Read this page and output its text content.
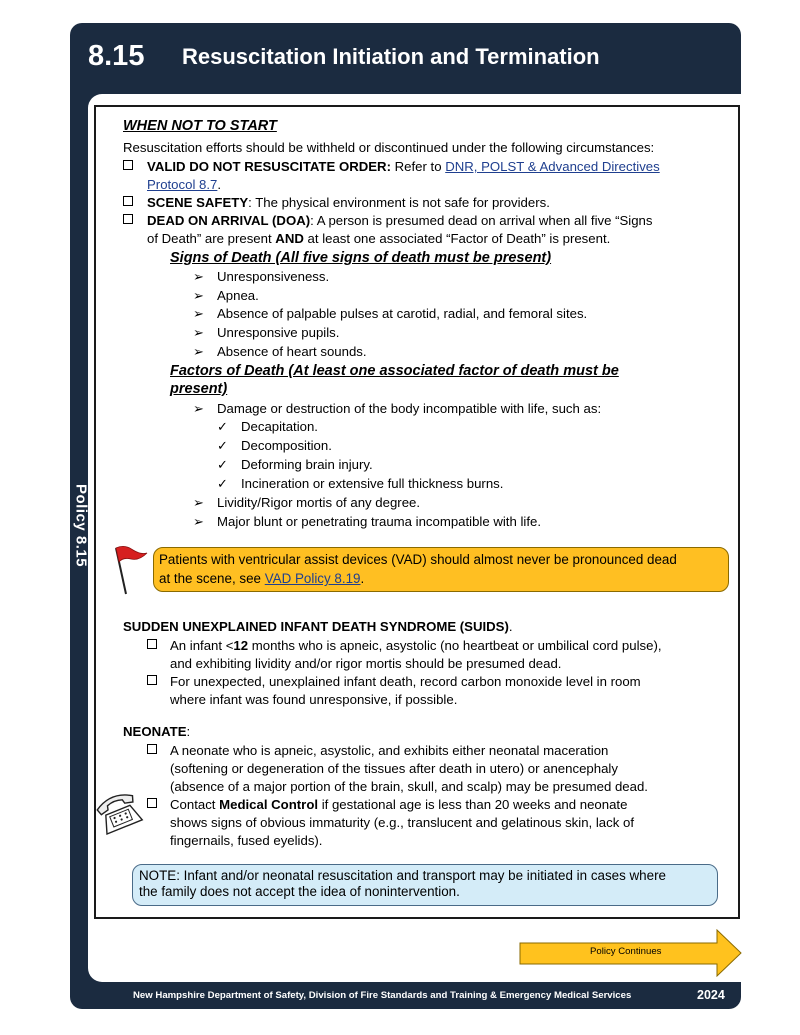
8.15 Resuscitation Initiation and Termination
Policy 8.15
WHEN NOT TO START
Resuscitation efforts should be withheld or discontinued under the following circumstances:
VALID DO NOT RESUSCITATE ORDER: Refer to DNR, POLST & Advanced Directives
Protocol 8.7.
SCENE SAFETY: The physical environment is not safe for providers.
DEAD ON ARRIVAL (DOA): A person is presumed dead on arrival when all five “Signs
of Death” are present AND at least one associated “Factor of Death” is present.
Signs of Death (All five signs of death must be present)
➢ Unresponsiveness.
➢ Apnea.
➢ Absence of palpable pulses at carotid, radial, and femoral sites.
➢ Unresponsive pupils.
➢ Absence of heart sounds.
Factors of Death (At least one associated factor of death must be
present)
➢ Damage or destruction of the body incompatible with life, such as:
✓ Decapitation.
✓ Decomposition.
✓ Deforming brain injury.
✓ Incineration or extensive full thickness burns.
➢ Lividity/Rigor mortis of any degree.
➢ Major blunt or penetrating trauma incompatible with life.
Patients with ventricular assist devices (VAD) should almost never be pronounced dead
at the scene, see VAD Policy 8.19.
SUDDEN UNEXPLAINED INFANT DEATH SYNDROME (SUIDS).
An infant <12 months who is apneic, asystolic (no heartbeat or umbilical cord pulse),
and exhibiting lividity and/or rigor mortis should be presumed dead.
For unexpected, unexplained infant death, record carbon monoxide level in room
where infant was found unresponsive, if possible.
NEONATE:
A neonate who is apneic, asystolic, and exhibits either neonatal maceration
(softening or degeneration of the tissues after death in utero) or anencephaly
(absence of a major portion of the brain, skull, and scalp) may be presumed dead.
Contact Medical Control if gestational age is less than 20 weeks and neonate
shows signs of obvious immaturity (e.g., translucent and gelatinous skin, lack of
fingernails, fused eyelids).
NOTE: Infant and/or neonatal resuscitation and transport may be initiated in cases where
the family does not accept the idea of nonintervention.
Policy Continues
New Hampshire Department of Safety, Division of Fire Standards and Training & Emergency Medical Services	2024
